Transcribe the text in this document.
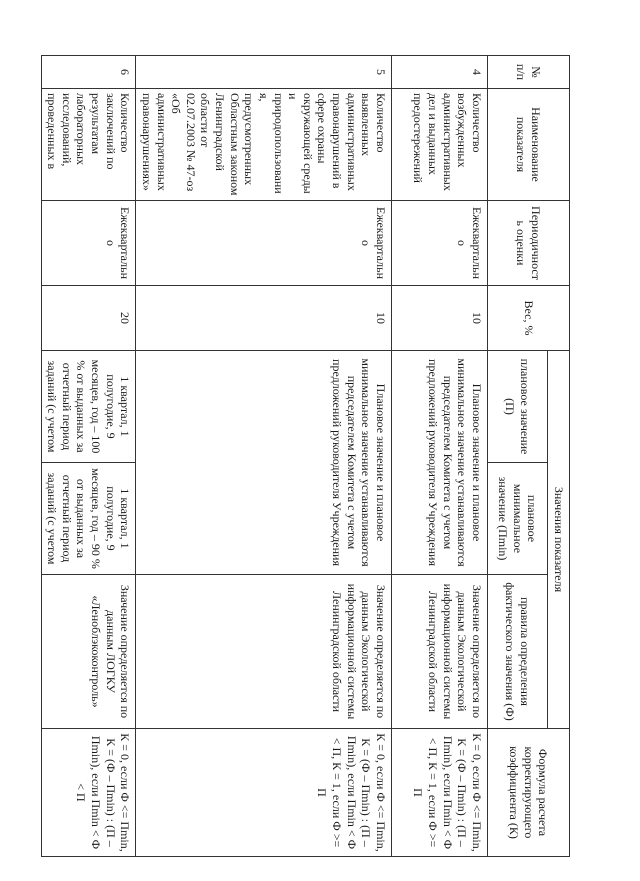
№ п/п	Наименование показателя	Периодичность оценки	Вес, %	Значения показателя			Формула расчета корректирующего коэффициента (К)
				плановое значение (П)	плановое минимальное значение (Пmin)	правила определения фактического значения (Ф)	
4	Количество возбужденных административных дел и выданных предостережений	Ежеквартально	10	Плановое значение и плановое минимальное значение устанавливаются председателем Комитета с учетом предложений руководителя Учреждения		Значение определяется по данным Экологической информационной системы Ленинградской области	К = 0, если Ф <= Пmin, К = (Ф – Пmin) : (П – Пmin), если Пmin < Ф < П, К = 1, если Ф >= П
5	Количество выявленных административных правонарушений в сфере охраны окружающей среды и природопользования, предусмотренных Областным законом Ленинградской области от 02.07.2003 № 47-оз «Об административных правонарушениях»	Ежеквартально	10	Плановое значение и плановое минимальное значение устанавливаются председателем Комитета с учетом предложений руководителя Учреждения		Значение определяется по данным Экологической информационной системы Ленинградской области	К = 0, если Ф <= Пmin, К = (Ф – Пmin) : (П – Пmin), если Пmin < Ф < П, К = 1, если Ф >= П
6	Количество заключений по результатам лабораторных исследований, проведенных в	Ежеквартально	20	1 квартал, 1 полугодие, 9 месяцев, год – 100 % от выданных за отчетный период заданий (с учетом	1 квартал, 1 полугодие, 9 месяцев, год – 90 % от выданных за отчетный период заданий (с учетом	Значение определяется по данным ЛОГКУ «Леноблэкоконтроль»	К = 0, если Ф <= Пmin, К = (Ф – Пmin) : (П – Пmin), если Пmin < Ф < П
